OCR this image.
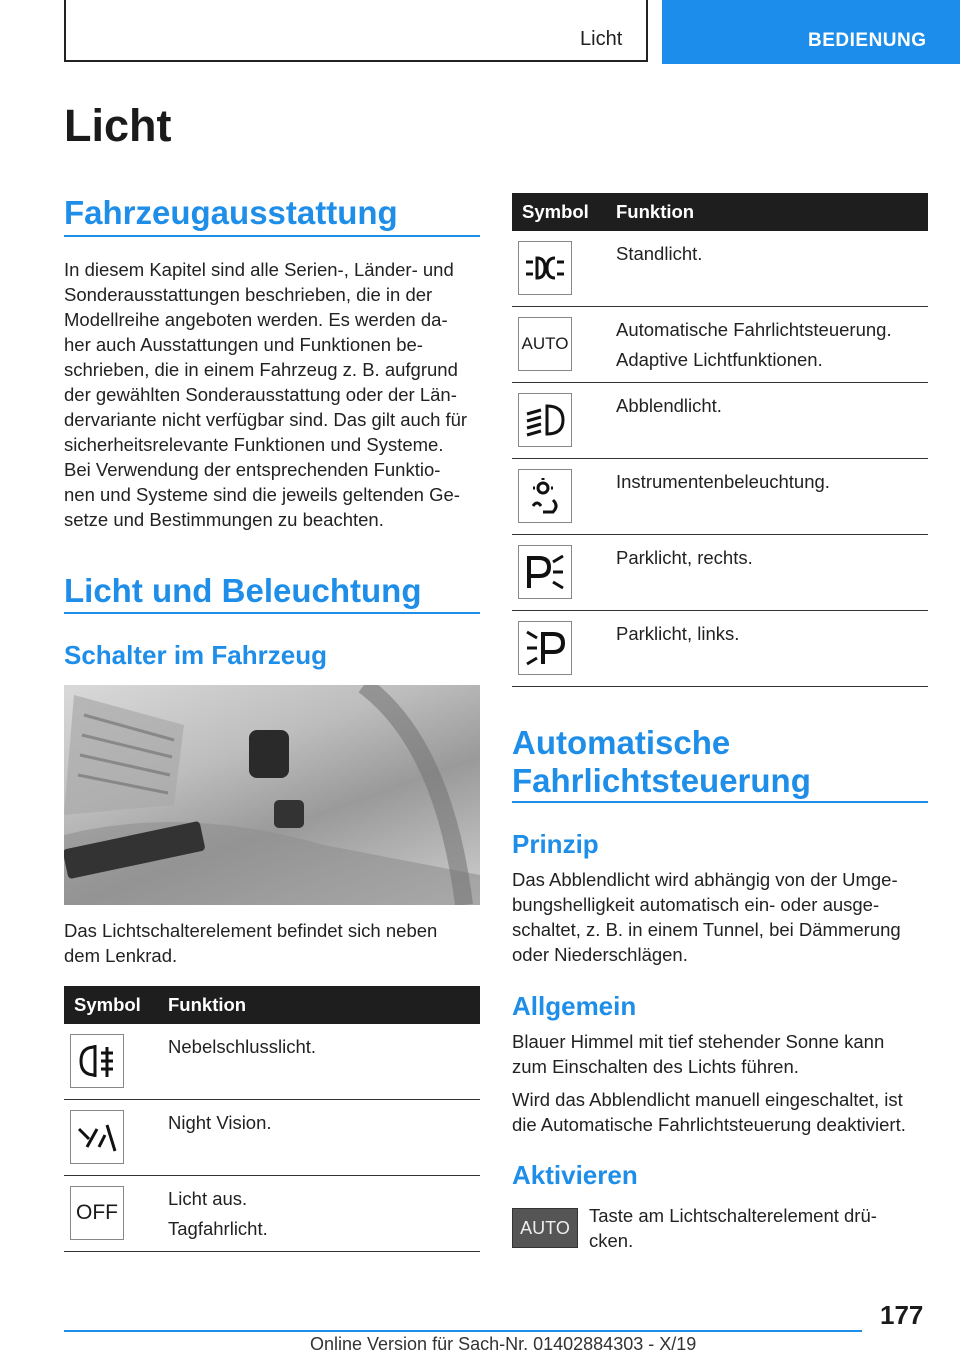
Licht	BEDIENUNG
Licht
Fahrzeugausstattung
In diesem Kapitel sind alle Serien-, Länder- und
Sonderausstattungen beschrieben, die in der
Modellreihe angeboten werden. Es werden da-
her auch Ausstattungen und Funktionen be-
schrieben, die in einem Fahrzeug z. B. aufgrund
der gewählten Sonderausstattung oder der Län-
dervariante nicht verfügbar sind. Das gilt auch für
sicherheitsrelevante Funktionen und Systeme.
Bei Verwendung der entsprechenden Funktio-
nen und Systeme sind die jeweils geltenden Ge-
setze und Bestimmungen zu beachten.
Licht und Beleuchtung
Schalter im Fahrzeug
Das Lichtschalterelement befindet sich neben
dem Lenkrad.
Symbol	Funktion

Nebelschlusslicht.

Night Vision.

OFF	Licht aus.
Tagfahrlicht.
Symbol	Funktion

Standlicht.

AUTO	Automatische Fahrlichtsteuerung.
Adaptive Lichtfunktionen.

Abblendlicht.

Instrumentenbeleuchtung.

Parklicht, rechts.

Parklicht, links.
Automatische
Fahrlichtsteuerung
Prinzip
Das Abblendlicht wird abhängig von der Umge-
bungshelligkeit automatisch ein- oder ausge-
schaltet, z. B. in einem Tunnel, bei Dämmerung
oder Niederschlägen.
Allgemein
Blauer Himmel mit tief stehender Sonne kann
zum Einschalten des Lichts führen.
Wird das Abblendlicht manuell eingeschaltet, ist
die Automatische Fahrlichtsteuerung deaktiviert.
Aktivieren
AUTO
Taste am Lichtschalterelement drü-
cken.
177
Online Version für Sach-Nr. 01402884303 - X/19
